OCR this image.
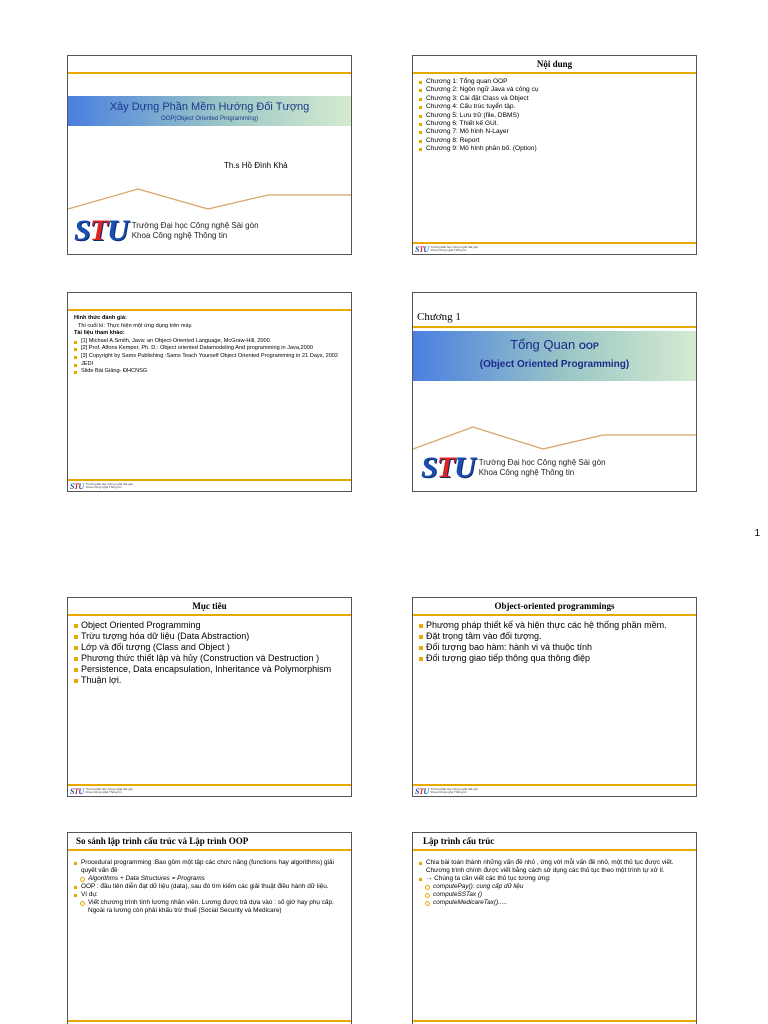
Xây Dựng Phần Mềm Hướng Đối Tượng
OOP(Object Oriented Programming)
Th.s Hồ Đình Khả
STU Trường Đại học Công nghệ Sài gòn
Khoa Công nghệ Thông tin
Nội dung
Chương 1: Tổng quan OOP
Chương 2: Ngôn ngữ Java và công cụ
Chương 3: Cài đặt Class và Object
Chương 4: Cấu trúc tuyển tập.
Chương 5: Lưu trữ (file, DBMS)
Chương 6: Thiết kế GUI.
Chương 7: Mô hình N-Layer
Chương 8: Report
Chương 9: Mô hình phân bố. (Option)
STU Trường Đại học Công nghệ Sài gòn
Khoa Công nghệ Thông tin
Hình thức đánh giá:
Thi cuối kì: Thực hiện một ứng dụng trên máy.
Tài liệu tham khảo:
[1] Michael A.Smith, Java: an Object-Oriented Language, McGraw-Hill, 2000.
[2] Prof. Alfons Kemper, Ph. D.: Object oriented Datamodeling And programming in Java,2000
[3] Copyright by Sams Publishing :Sams Teach Yourself Object Oriented Programming in 21 Days, 2002
JEDI
Slide Bài Giảng- ĐHCNSG
STU Trường Đại học Công nghệ Sài gòn
Khoa Công nghệ Thông tin
Chương 1
Tổng Quan OOP
(Object Oriented Programming)
STU Trường Đại học Công nghệ Sài gòn
Khoa Công nghệ Thông tin
1
Mục tiêu
Object Oriented Programming
Trừu tượng hóa dữ liệu (Data Abstraction)
Lớp và đối tượng (Class and Object )
Phương thức thiết lập và hủy (Construction và Destruction )
Persistence, Data encapsulation, Inheritance và Polymorphism
Thuận lợi.
STU Trường Đại học Công nghệ Sài gòn
Khoa Công nghệ Thông tin
Object-oriented programmings
Phương pháp thiết kế và hiện thực các hệ thống phần mềm.
Đặt trọng tâm vào đối tượng.
Đối tượng bao hàm: hành vi và thuộc tính
Đối tượng giao tiếp thông qua thông điệp
STU Trường Đại học Công nghệ Sài gòn
Khoa Công nghệ Thông tin
So sánh lập trình cấu trúc và Lập trình OOP
Procedural programming :Bao gồm một tập các chức năng (functions hay algorithms) giải quyết vấn đề
Algorithms + Data Structures = Programs
OOP : đầu tiên diễn đạt dữ liệu (data), sau đó tìm kiếm các giải thuật điều hành dữ liệu.
Ví dụ:
Viết chương trình tính lương nhân viên. Lương được trả dựa vào : số giờ hay phụ cấp. Ngoài ra lương còn phải khấu trừ thuế (Social Security và Medicare)
Lập trình cấu trúc
Chia bài toán thành những vấn đề nhỏ , ứng với mỗi vấn đề nhỏ, một thủ tục được viết. Chương trình chính được viết bằng cách sử dụng các thủ tục theo một trình tự xử lí.
→ Chúng ta cần viết các thủ tục tương ứng:
computePay(): cung cấp dữ liệu
computeSSTax ()
computeMedicareTax().....
